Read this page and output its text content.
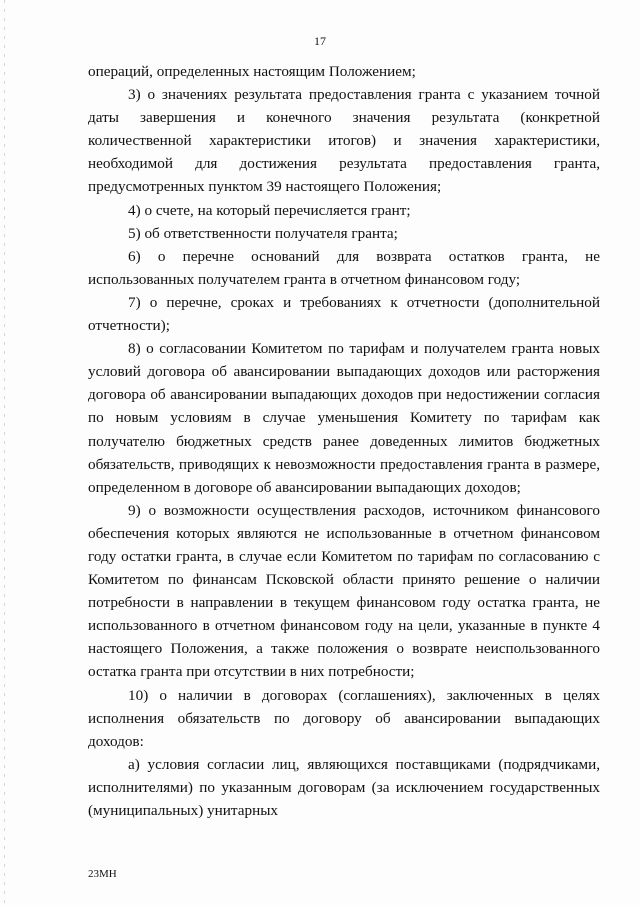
17

операций, определенных настоящим Положением;

3) о значениях результата предоставления гранта с указанием точной даты завершения и конечного значения результата (конкретной количественной характеристики итогов) и значения характеристики, необходимой для достижения результата предоставления гранта, предусмотренных пунктом 39 настоящего Положения;

4) о счете, на который перечисляется грант;

5) об ответственности получателя гранта;

6) о перечне оснований для возврата остатков гранта, не использованных получателем гранта в отчетном финансовом году;

7) о перечне, сроках и требованиях к отчетности (дополнительной отчетности);

8) о согласовании Комитетом по тарифам и получателем гранта новых условий договора об авансировании выпадающих доходов или расторжения договора об авансировании выпадающих доходов при недостижении согласия по новым условиям в случае уменьшения Комитету по тарифам как получателю бюджетных средств ранее доведенных лимитов бюджетных обязательств, приводящих к невозможности предоставления гранта в размере, определенном в договоре об авансировании выпадающих доходов;

9) о возможности осуществления расходов, источником финансового обеспечения которых являются не использованные в отчетном финансовом году остатки гранта, в случае если Комитетом по тарифам по согласованию с Комитетом по финансам Псковской области принято решение о наличии потребности в направлении в текущем финансовом году остатка гранта, не использованного в отчетном финансовом году на цели, указанные в пункте 4 настоящего Положения, а также положения о возврате неиспользованного остатка гранта при отсутствии в них потребности;

10) о наличии в договорах (соглашениях), заключенных в целях исполнения обязательств по договору об авансировании выпадающих доходов:

а) условия согласии лиц, являющихся поставщиками (подрядчиками, исполнителями) по указанным договорам (за исключением государственных (муниципальных) унитарных

23МН
